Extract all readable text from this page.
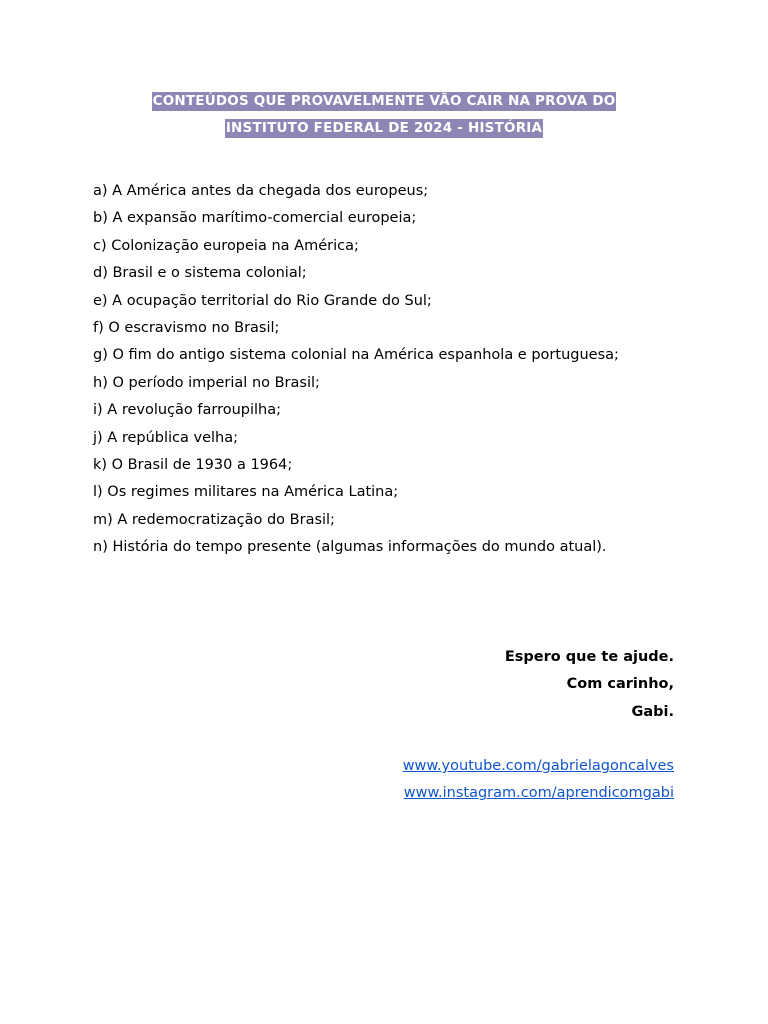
CONTEÚDOS QUE PROVAVELMENTE VÃO CAIR NA PROVA DO
INSTITUTO FEDERAL DE 2024 - HISTÓRIA
a) A América antes da chegada dos europeus;
b) A expansão marítimo-comercial europeia;
c) Colonização europeia na América;
d) Brasil e o sistema colonial;
e) A ocupação territorial do Rio Grande do Sul;
f) O escravismo no Brasil;
g) O fim do antigo sistema colonial na América espanhola e portuguesa;
h) O período imperial no Brasil;
i) A revolução farroupilha;
j) A república velha;
k) O Brasil de 1930 a 1964;
l) Os regimes militares na América Latina;
m) A redemocratização do Brasil;
n) História do tempo presente (algumas informações do mundo atual).
Espero que te ajude.
Com carinho,
Gabi.
www.youtube.com/gabrielagoncalves
www.instagram.com/aprendicomgabi
